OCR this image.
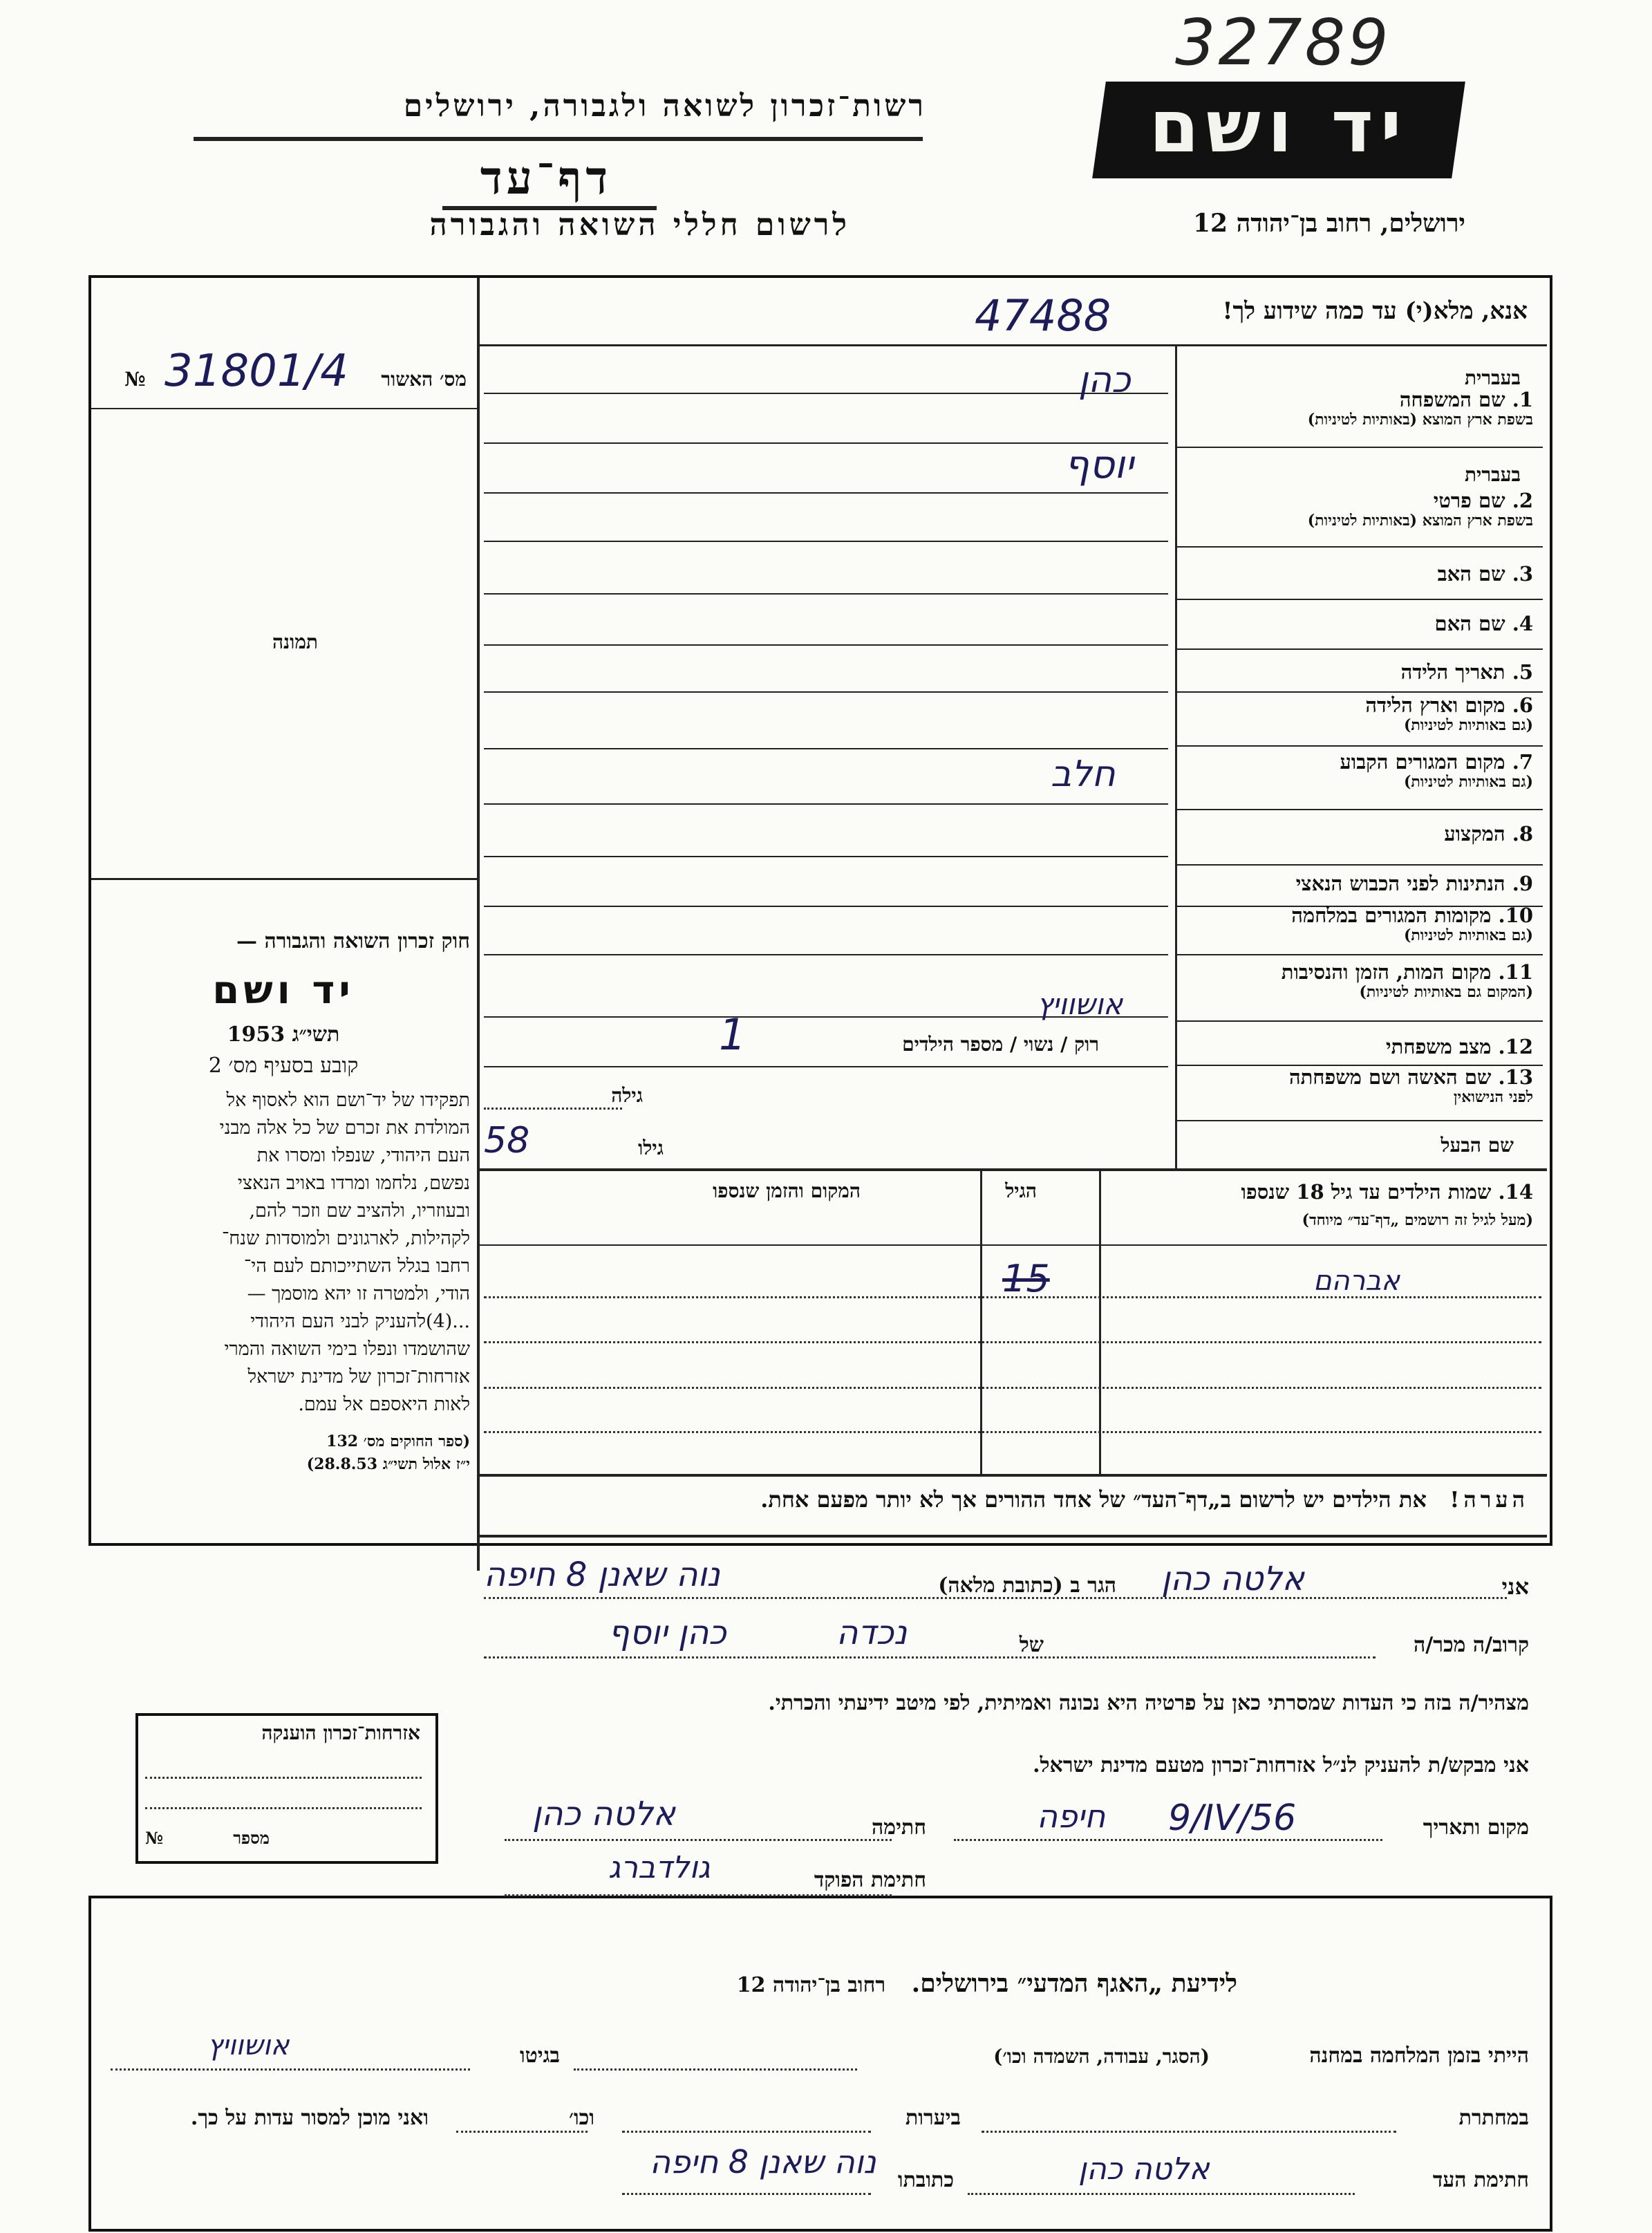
32789
רשות־זכרון לשואה ולגבורה, ירושלים
דף־עד
לרשום חללי השואה והגבורה
יד ושם
ירושלים, רחוב בן־יהודה 12
אנא, מלא(י) עד כמה שידוע לך!
47488
מס׳ האשור
№ 31801/4
תמונה
בעברית
1. שם המשפחה
בשפת ארץ המוצא (באותיות לטיניות)
כהן
בעברית
2. שם פרטי
בשפת ארץ המוצא (באותיות לטיניות)
יוסף
3. שם האב
4. שם האם
5. תאריך הלידה
6. מקום וארץ הלידה
(גם באותיות לטיניות)
7. מקום המגורים הקבוע
(גם באותיות לטיניות)
חלב
8. המקצוע
9. הנתינות לפני הכבוש הנאצי
10. מקומות המגורים במלחמה
(גם באותיות לטיניות)
11. מקום המות, הזמן והנסיבות
(המקום גם באותיות לטיניות)
אושוויץ
12. מצב משפחתי
רוק / נשוי / מספר הילדים
1
13. שם האשה ושם משפחתה
לפני הנישואין
גילה
שם הבעל
גילו
58
14. שמות הילדים עד גיל 18 שנספו
(מעל לגיל זה רושמים „דף־עד״ מיוחד)
הגיל
המקום והזמן שנספו
אברהם
15
חוק זכרון השואה והגבורה —
יד ושם
תשי״ג 1953
קובע בסעיף מס׳ 2
תפקידו של יד־ושם הוא לאסוף אל
המולדת את זכרם של כל אלה מבני
העם היהודי, שנפלו ומסרו את
נפשם, נלחמו ומרדו באויב הנאצי
ובעוזריו, ולהציב שם וזכר להם,
לקהילות, לארגונים ולמוסדות שנח־
רחבו בגלל השתייכותם לעם הי־
הודי, ולמטרה זו יהא מוסמך —
...(4)להעניק לבני העם היהודי
שהושמדו ונפלו בימי השואה והמרי
אזרחות־זכרון של מדינת ישראל
לאות היאספם אל עמם.
(ספר החוקים מס׳ 132
י״ז אלול תשי״ג 28.8.53)
הערה!   את הילדים יש לרשום ב„דף־העד״ של אחד ההורים אך לא יותר מפעם אחת.
אני
אלטה כהן
הגר ב (כתובת מלאה)
נוה שאנן 8 חיפה
קרוב/ה מכר/ה
נכדה	של
כהן יוסף
מצהיר/ה בזה כי העדות שמסרתי כאן על פרטיה היא נכונה ואמיתית, לפי מיטב ידיעתי והכרתי.
אני מבקש/ת להעניק לנ״ל אזרחות־זכרון מטעם מדינת ישראל.
מקום ותאריך
חיפה 9/IV/56
חתימה
אלטה כהן
חתימת הפוקד
גולדברג
אזרחות־זכרון הוענקה
מספר
№
לידיעת „האגף המדעי״ בירושלים.   רחוב בן־יהודה 12
הייתי בזמן המלחמה במחנה
(הסגר, עבודה, השמדה וכו׳)
בגיטו
אושוויץ
במחתרת
ביערות
וכו׳
ואני מוכן למסור עדות על כך.
חתימת העד
אלטה כהן
כתובתו
נוה שאנן 8 חיפה
